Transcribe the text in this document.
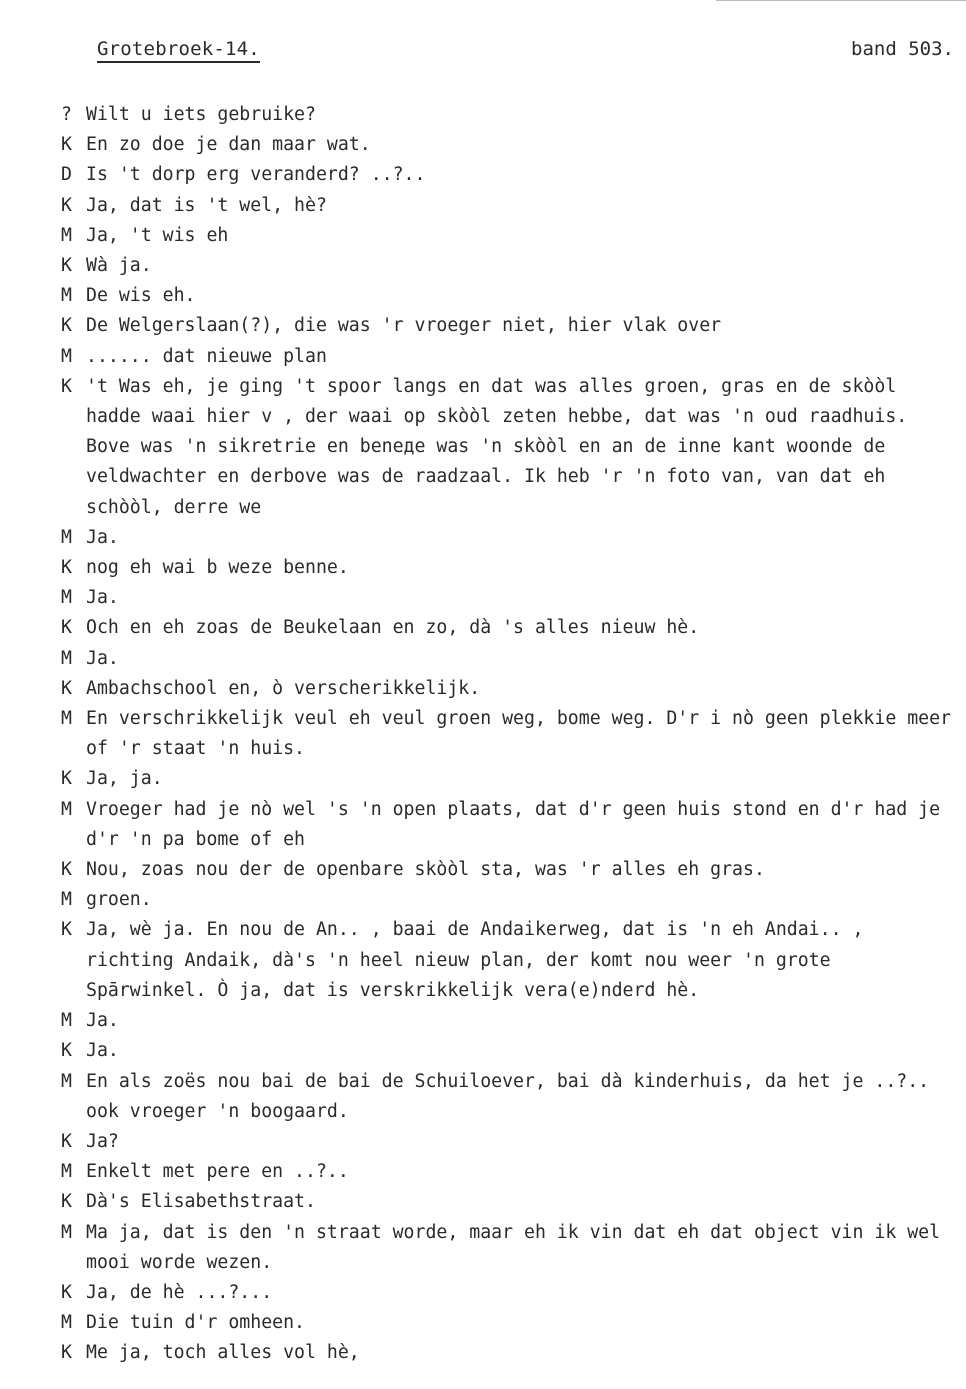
Grotebroek-14.	band 503.
? Wilt u iets gebruike?
K En zo doe je dan maar wat.
D Is 't dorp erg veranderd? ..?..
K Ja, dat is 't wel, hè?
M Ja, 't wis eh
K Wà ja.
M De wis eh.
K De Welgerslaan(?), die was 'r vroeger niet, hier vlak over
M ...... dat nieuwe plan
K 't Was eh, je ging 't spoor langs en dat was alles groen, gras en de skòòl hadde waai hier v , der waai op skòòl zeten hebbe, dat was 'n oud raadhuis. Bove was 'n sikretrie en beneде was 'n skòòl en an de inne kant woonde de veldwachter en derbove was de raadzaal. Ik heb 'r 'n foto van, van dat eh schòòl, derre we
M Ja.
K nog eh wai b weze benne.
M Ja.
K Och en eh zoas de Beukelaan en zo, dà 's alles nieuw hè.
M Ja.
K Ambachschool en, ò verscherikkelijk.
M En verschrikkelijk veul eh veul groen weg, bome weg. D'r i nò geen plekkie meer of 'r staat 'n huis.
K Ja, ja.
M Vroeger had je nò wel 's 'n open plaats, dat d'r geen huis stond en d'r had je d'r 'n pa bome of eh
K Nou, zoas nou der de openbare skòòl sta, was 'r alles eh gras.
M groen.
K Ja, wè ja. En nou de An.. , baai de Andaikerweg, dat is 'n eh Andai.. , richting Andaik, dà's 'n heel nieuw plan, der komt nou weer 'n grote Spārwinkel. Ò ja, dat is verskrikkelijk vera(e)nderd hè.
M Ja.
K Ja.
M En als zoës nou bai de bai de Schuiloever, bai dà kinderhuis, da het je ..?.. ook vroeger 'n boogaard.
K Ja?
M Enkelt met pere en ..?..
K Dà's Elisabethstraat.
M Ma ja, dat is den 'n straat worde, maar eh ik vin dat eh dat object vin ik wel mooi worde wezen.
K Ja, de hè ...?...
M Die tuin d'r omheen.
K Me ja, toch alles vol hè,
